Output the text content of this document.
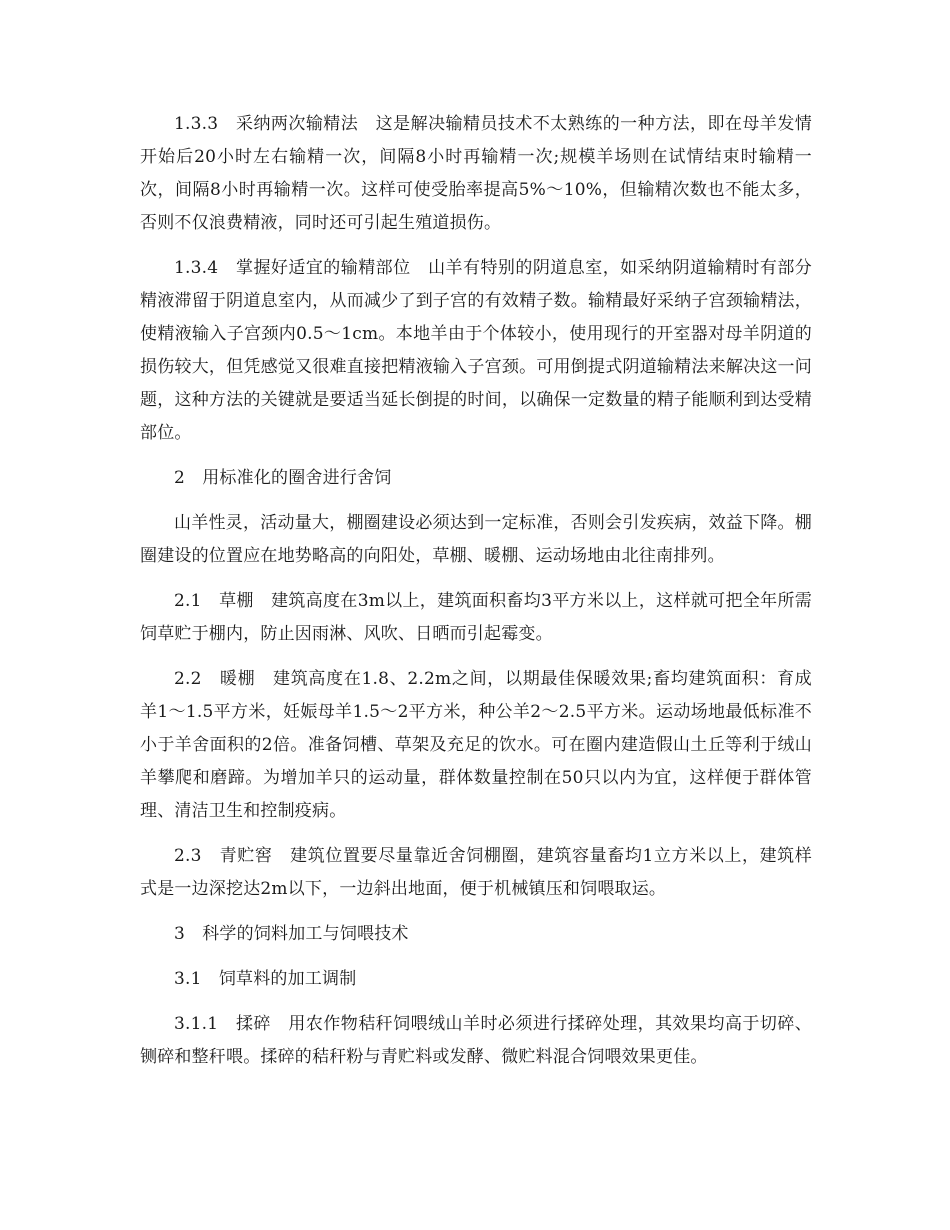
1.3.3　采纳两次输精法　这是解决输精员技术不太熟练的一种方法，即在母羊发情开始后20小时左右输精一次，间隔8小时再输精一次;规模羊场则在试情结束时输精一次，间隔8小时再输精一次。这样可使受胎率提高5%～10%，但输精次数也不能太多，否则不仅浪费精液，同时还可引起生殖道损伤。

1.3.4　掌握好适宜的输精部位　山羊有特别的阴道息室，如采纳阴道输精时有部分精液滞留于阴道息室内，从而减少了到子宫的有效精子数。输精最好采纳子宫颈输精法，使精液输入子宫颈内0.5～1cm。本地羊由于个体较小，使用现行的开室器对母羊阴道的损伤较大，但凭感觉又很难直接把精液输入子宫颈。可用倒提式阴道输精法来解决这一问题，这种方法的关键就是要适当延长倒提的时间，以确保一定数量的精子能顺利到达受精部位。

2　用标准化的圈舍进行舍饲

山羊性灵，活动量大，棚圈建设必须达到一定标准，否则会引发疾病，效益下降。棚圈建设的位置应在地势略高的向阳处，草棚、暖棚、运动场地由北往南排列。

2.1　草棚　建筑高度在3m以上，建筑面积畜均3平方米以上，这样就可把全年所需饲草贮于棚内，防止因雨淋、风吹、日晒而引起霉变。

2.2　暖棚　建筑高度在1.8、2.2m之间，以期最佳保暖效果;畜均建筑面积：育成羊1～1.5平方米，妊娠母羊1.5～2平方米，种公羊2～2.5平方米。运动场地最低标准不小于羊舍面积的2倍。准备饲槽、草架及充足的饮水。可在圈内建造假山土丘等利于绒山羊攀爬和磨蹄。为增加羊只的运动量，群体数量控制在50只以内为宜，这样便于群体管理、清洁卫生和控制疫病。

2.3　青贮窖　建筑位置要尽量靠近舍饲棚圈，建筑容量畜均1立方米以上，建筑样式是一边深挖达2m以下，一边斜出地面，便于机械镇压和饲喂取运。

3　科学的饲料加工与饲喂技术

3.1　饲草料的加工调制

3.1.1　揉碎　用农作物秸秆饲喂绒山羊时必须进行揉碎处理，其效果均高于切碎、铡碎和整秆喂。揉碎的秸秆粉与青贮料或发酵、微贮料混合饲喂效果更佳。
